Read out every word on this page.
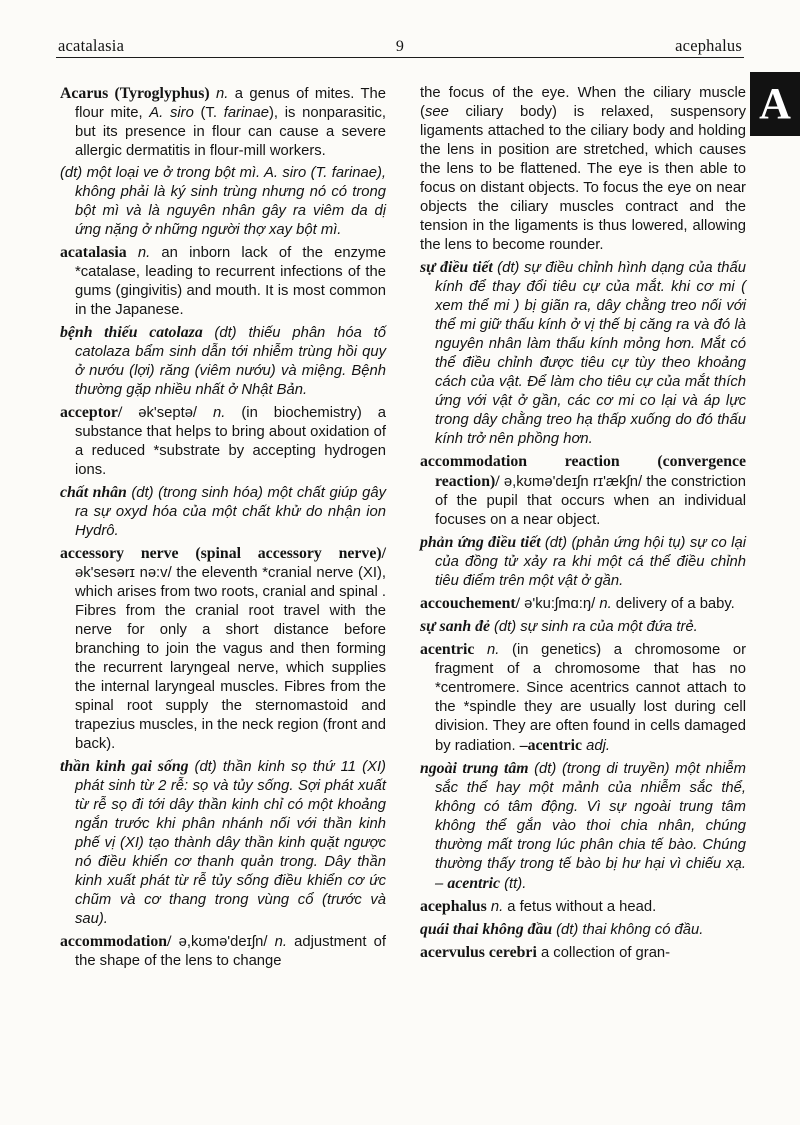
acatalasia	9	acephalus

Acarus (Tyroglyphus) n. a genus of mites. The flour mite, A. siro (T. farinae), is nonparasitic, but its presence in flour can cause a severe allergic dermatitis in flour-mill workers.

(dt) một loại ve ở trong bột mì. A. siro (T. farinae), không phải là ký sinh trùng nhưng nó có trong bột mì và là nguyên nhân gây ra viêm da dị ứng nặng ở những người thợ xay bột mì.

acatalasia n. an inborn lack of the enzyme *catalase, leading to recurrent infections of the gums (gingivitis) and mouth. It is most common in the Japanese.

bệnh thiếu catolaza (dt) thiếu phân hóa tố catolaza bẩm sinh dẫn tới nhiễm trùng hồi quy ở nướu (lợi) răng (viêm nướu) và miệng. Bệnh thường gặp nhiều nhất ở Nhật Bản.

acceptor/ ək'septə/ n. (in biochemistry) a substance that helps to bring about oxidation of a reduced *substrate by accepting hydrogen ions.

chất nhân (dt) (trong sinh hóa) một chất giúp gây ra sự oxyd hóa của một chất khử do nhận ion Hydrô.

accessory nerve (spinal accessory nerve)/ ək'sesərɪ nə:v/ the eleventh *cranial nerve (XI), which arises from two roots, cranial and spinal . Fibres from the cranial root travel with the nerve for only a short distance before branching to join the vagus and then forming the recurrent laryngeal nerve, which supplies the internal laryngeal muscles. Fibres from the spinal root supply the sternomastoid and trapezius muscles, in the neck region (front and back).

thần kinh gai sống (dt) thần kinh sọ thứ 11 (XI) phát sinh từ 2 rễ: sọ và tủy sống. Sợi phát xuất từ rễ sọ đi tới dây thần kinh chỉ có một khoảng ngắn trước khi phân nhánh nối với thần kinh phế vị (XI) tạo thành dây thần kinh quặt ngược nó điều khiển cơ thanh quản trong. Dây thần kinh xuất phát từ rễ tủy sống điều khiển cơ ức chũm và cơ thang trong vùng cổ (trước và sau).

accommodation/ ə,kʊmə'deɪʃn/ n. adjustment of the shape of the lens to change

the focus of the eye. When the ciliary muscle (see ciliary body) is relaxed, suspensory ligaments attached to the ciliary body and holding the lens in position are stretched, which causes the lens to be flattened. The eye is then able to focus on distant objects. To focus the eye on near objects the ciliary muscles contract and the tension in the ligaments is thus lowered, allowing the lens to become rounder.

sự điều tiết (dt) sự điều chỉnh hình dạng của thấu kính để thay đổi tiêu cự của mắt. khi cơ mi ( xem thể mi ) bị giãn ra, dây chằng treo nối với thể mi giữ thấu kính ở vị thế bị căng ra và đó là nguyên nhân làm thấu kính mỏng hơn. Mắt có thể điều chỉnh được tiêu cự tùy theo khoảng cách của vật. Để làm cho tiêu cự của mắt thích ứng với vật ở gần, các cơ mi co lại và áp lực trong dây chằng treo hạ thấp xuống do đó thấu kính trở nên phồng hơn.

accommodation reaction (convergence reaction)/ ə,kʊmə'deɪʃn rɪ'ækʃn/ the constriction of the pupil that occurs when an individual focuses on a near object.

phản ứng điều tiết (dt) (phản ứng hội tụ) sự co lại của đồng tử xảy ra khi một cá thể điều chỉnh tiêu điểm trên một vật ở gần.

accouchement/ ə'ku:ʃmɑ:ŋ/ n. delivery of a baby.

sự sanh đẻ (dt) sự sinh ra của một đứa trẻ.

acentric n. (in genetics) a chromosome or fragment of a chromosome that has no *centromere. Since acentrics cannot attach to the *spindle they are usually lost during cell division. They are often found in cells damaged by radiation. –acentric adj.

ngoài trung tâm (dt) (trong di truyền) một nhiễm sắc thể hay một mảnh của nhiễm sắc thể, không có tâm động. Vì sự ngoài trung tâm không thể gắn vào thoi chia nhân, chúng thường mất trong lúc phân chia tế bào. Chúng thường thấy trong tế bào bị hư hại vì chiếu xạ. – acentric (tt).

acephalus n. a fetus without a head.

quái thai không đầu (dt) thai không có đầu.

acervulus cerebri a collection of gran-

A
